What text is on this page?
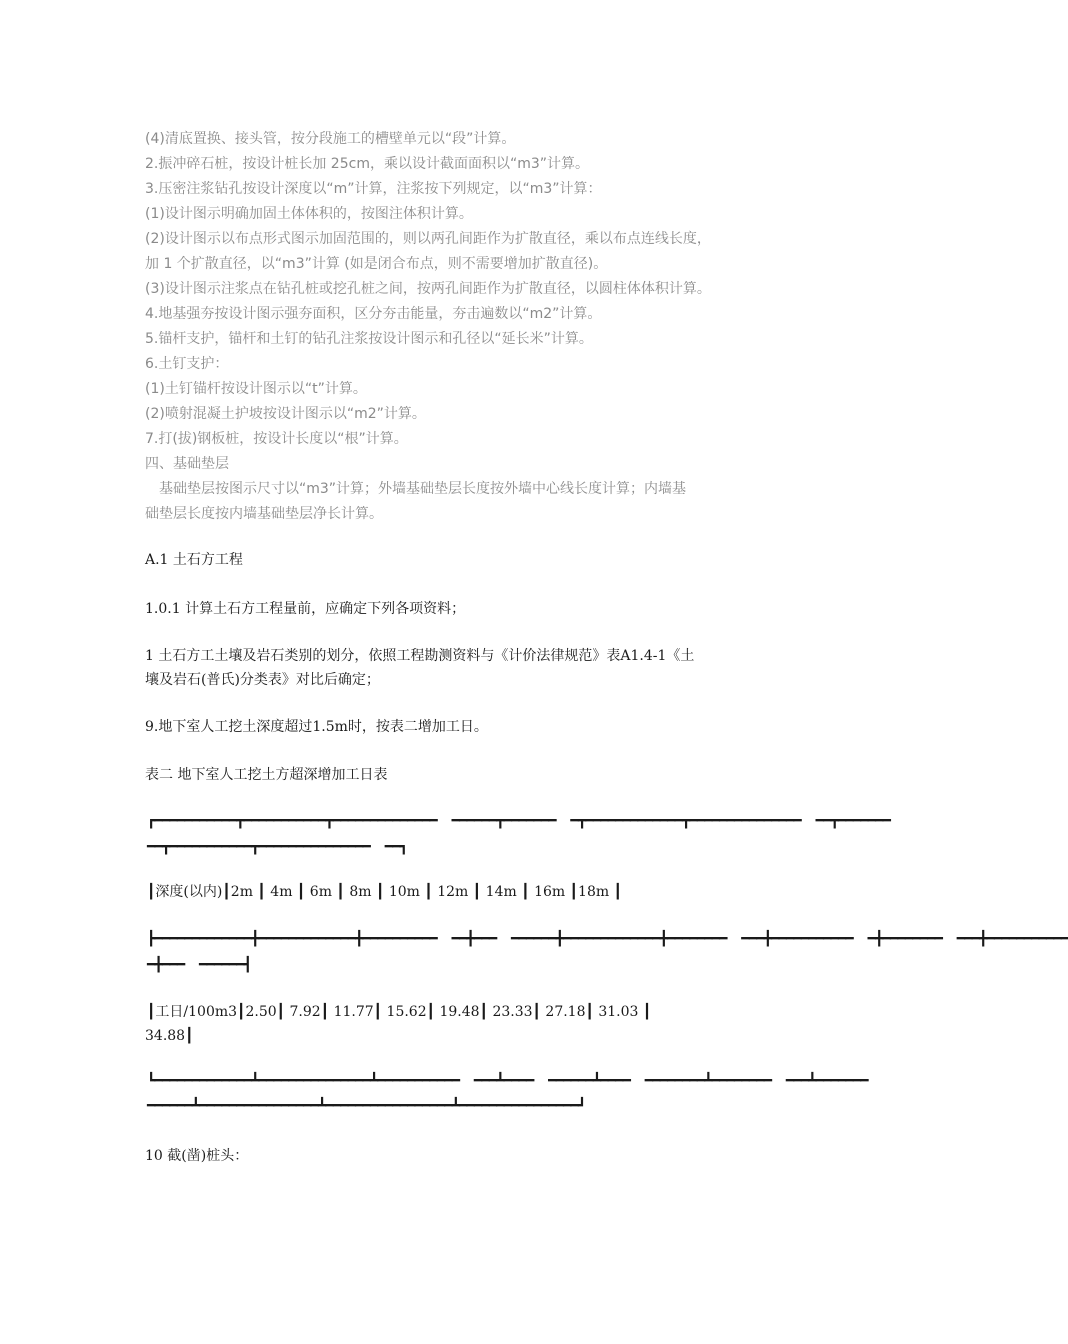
(4)清底置换、接头管，按分段施工的槽壁单元以“段”计算。
2.振冲碎石桩，按设计桩长加 25cm，乘以设计截面面积以“m3”计算。
3.压密注浆钻孔按设计深度以“m”计算，注浆按下列规定，以“m3”计算：
(1)设计图示明确加固土体体积的，按图注体积计算。
(2)设计图示以布点形式图示加固范围的，则以两孔间距作为扩散直径，乘以布点连线长度，
加 1 个扩散直径，以“m3”计算 (如是闭合布点，则不需要增加扩散直径)。
(3)设计图示注浆点在钻孔桩或挖孔桩之间，按两孔间距作为扩散直径，以圆柱体体积计算。
4.地基强夯按设计图示强夯面积，区分夯击能量，夯击遍数以“m2”计算。
5.锚杆支护，锚杆和土钉的钻孔注浆按设计图示和孔径以“延长米”计算。
6.土钉支护：
(1)土钉锚杆按设计图示以“t”计算。
(2)喷射混凝土护坡按设计图示以“m2”计算。
7.打(拔)钢板桩，按设计长度以“根”计算。
四、基础垫层
　基础垫层按图示尺寸以“m3”计算；外墙基础垫层长度按外墙中心线长度计算；内墙基
础垫层长度按内墙基础垫层净长计算。
A.1 土石方工程
1.0.1 计算土石方工程量前，应确定下列各项资料；
1 土石方工土壤及岩石类别的划分，依照工程勘测资料与《计价法律规范》表A1.4-1《土
壤及岩石(普氏)分类表》对比后确定；
9.地下室人工挖土深度超过1.5m时，按表二增加工日。
表二 地下室人工挖土方超深增加工日表
┏━━━━━━━━━━━┳━━━━━━━━━━━┳━━━━━━━━━━━━━━  ━━━━━━┳━━━━━━━  ━┳━━━━━━━━━━━━━┳━━━━━━━━━━━━━━━  ━━┳━━━━━━━
━━┳━━━━━━━━━━━┳━━━━━━━━━━━━━━━  ━━┓
┃深度(以内)┃2m ┃ 4m ┃ 6m ┃ 8m ┃ 10m ┃ 12m ┃ 14m ┃ 16m ┃18m ┃
┣━━━━━━━━━━━━━╋━━━━━━━━━━━━━╋━━━━━━━━━━  ━━╋━━━  ━━━━━━╋━━━━━━━━━━━━━╋━━━━━━━━  ━━━╋━━━━━━━━━━━  ━╋━━━━━━━━  ━━━╋━━━━━━━━━━━
━╋━━━  ━━━━━━┫
┃工日/100m3┃2.50┃ 7.92┃ 11.77┃ 15.62┃ 19.48┃ 23.33┃ 27.18┃ 31.03 ┃
34.88┃
┗━━━━━━━━━━━━━┻━━━━━━━━━━━━━━━┻━━━━━━━━━━━  ━━━┻━━━━  ━━━━━━┻━━━━  ━━━━━━━━┻━━━━━━━━  ━━━┻━━━━━━━
━━━━━━┻━━━━━━━━━━━━━━━━┻━━━━━━━━━━━━━━━━━┻━━━━━━━━━━━━━━━━┛
10 截(凿)桩头：
